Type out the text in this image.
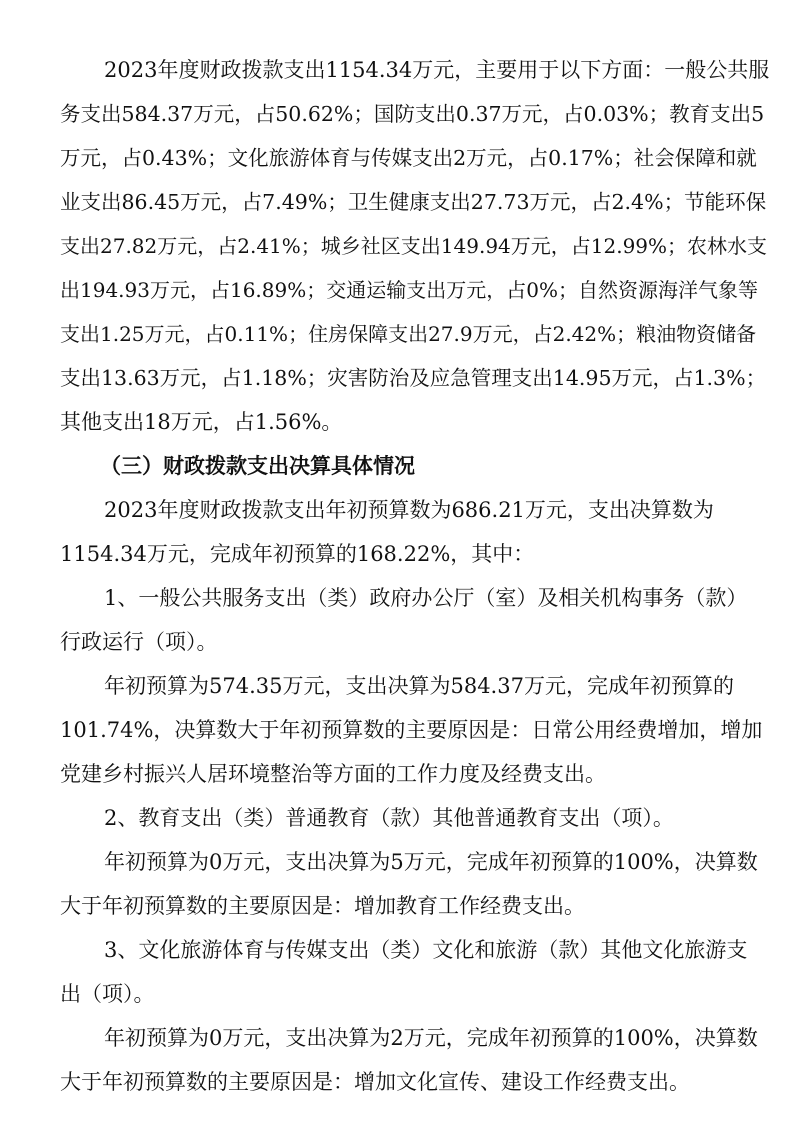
2023年度财政拨款支出1154.34万元，主要用于以下方面：一般公共服
务支出584.37万元，占50.62%；国防支出0.37万元，占0.03%；教育支出5
万元，占0.43%；文化旅游体育与传媒支出2万元，占0.17%；社会保障和就
业支出86.45万元，占7.49%；卫生健康支出27.73万元，占2.4%；节能环保
支出27.82万元，占2.41%；城乡社区支出149.94万元，占12.99%；农林水支
出194.93万元，占16.89%；交通运输支出万元，占0%；自然资源海洋气象等
支出1.25万元，占0.11%；住房保障支出27.9万元，占2.42%；粮油物资储备
支出13.63万元，占1.18%；灾害防治及应急管理支出14.95万元，占1.3%；
其他支出18万元，占1.56%。
（三）财政拨款支出决算具体情况
2023年度财政拨款支出年初预算数为686.21万元，支出决算数为
1154.34万元，完成年初预算的168.22%，其中：
1、一般公共服务支出（类）政府办公厅（室）及相关机构事务（款）
行政运行（项）。
年初预算为574.35万元，支出决算为584.37万元，完成年初预算的
101.74%，决算数大于年初预算数的主要原因是：日常公用经费增加，增加
党建乡村振兴人居环境整治等方面的工作力度及经费支出。
2、教育支出（类）普通教育（款）其他普通教育支出（项）。
年初预算为0万元，支出决算为5万元，完成年初预算的100%，决算数
大于年初预算数的主要原因是：增加教育工作经费支出。
3、文化旅游体育与传媒支出（类）文化和旅游（款）其他文化旅游支
出（项）。
年初预算为0万元，支出决算为2万元，完成年初预算的100%，决算数
大于年初预算数的主要原因是：增加文化宣传、建设工作经费支出。
